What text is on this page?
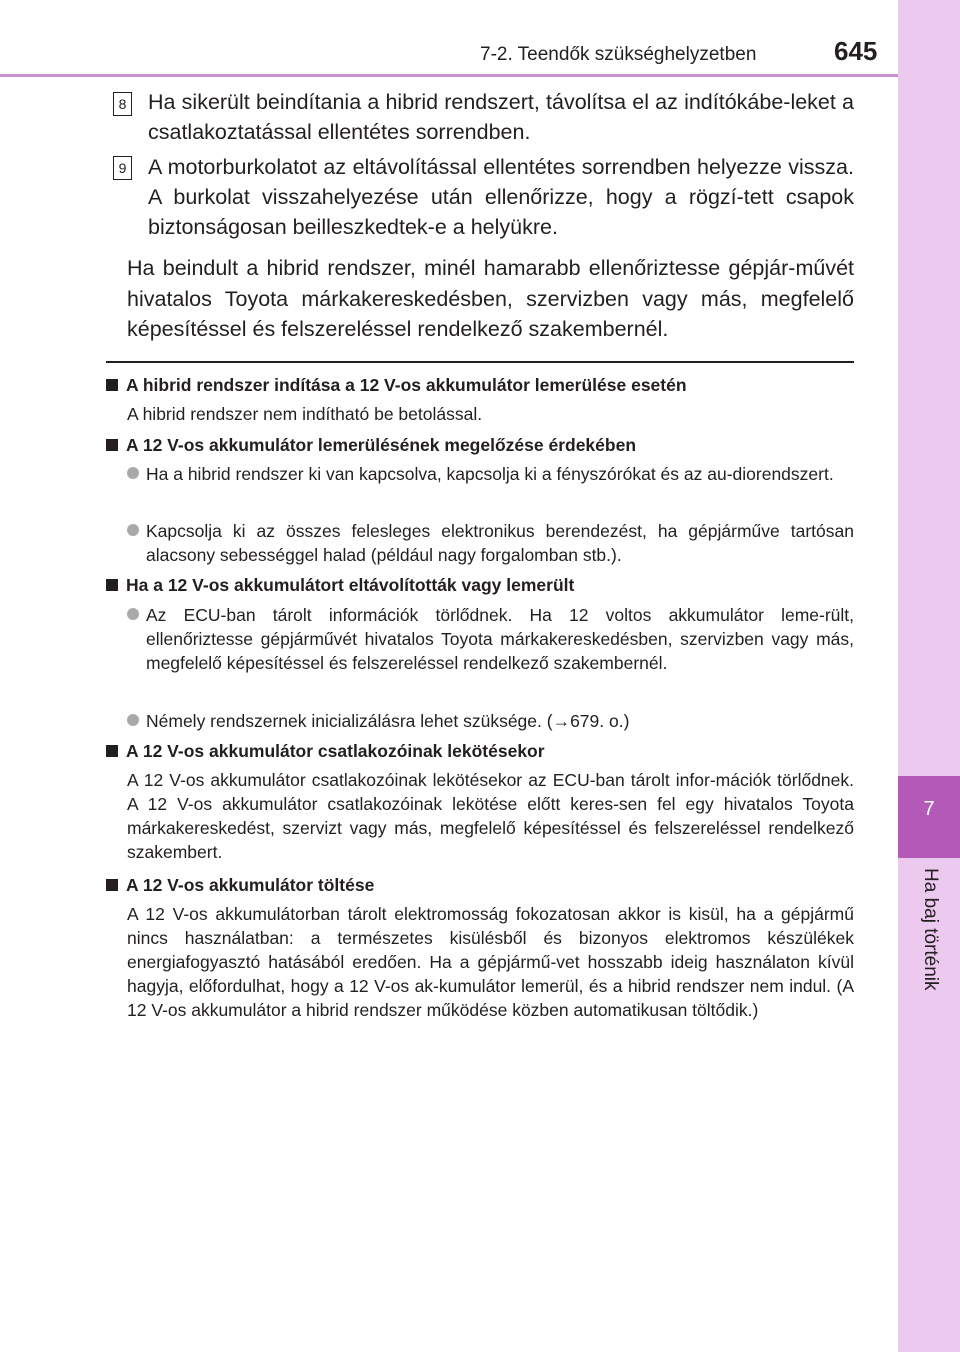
7-2. Teendők szükséghelyzetben	645
7
Ha baj történik
8 Ha sikerült beindítania a hibrid rendszert, távolítsa el az indítókábe-leket a csatlakoztatással ellentétes sorrendben.
9 A motorburkolatot az eltávolítással ellentétes sorrendben helyezze vissza. A burkolat visszahelyezése után ellenőrizze, hogy a rögzí-tett csapok biztonságosan beilleszkedtek-e a helyükre.
Ha beindult a hibrid rendszer, minél hamarabb ellenőriztesse gépjár-művét hivatalos Toyota márkakereskedésben, szervizben vagy más, megfelelő képesítéssel és felszereléssel rendelkező szakembernél.
A hibrid rendszer indítása a 12 V-os akkumulátor lemerülése esetén
A hibrid rendszer nem indítható be betolással.
A 12 V-os akkumulátor lemerülésének megelőzése érdekében
Ha a hibrid rendszer ki van kapcsolva, kapcsolja ki a fényszórókat és az au-diorendszert.
Kapcsolja ki az összes felesleges elektronikus berendezést, ha gépjárműve tartósan alacsony sebességgel halad (például nagy forgalomban stb.).
Ha a 12 V-os akkumulátort eltávolították vagy lemerült
Az ECU-ban tárolt információk törlődnek. Ha 12 voltos akkumulátor leme-rült, ellenőriztesse gépjárművét hivatalos Toyota márkakereskedésben, szervizben vagy más, megfelelő képesítéssel és felszereléssel rendelkező szakembernél.
Némely rendszernek inicializálásra lehet szüksége. (→679. o.)
A 12 V-os akkumulátor csatlakozóinak lekötésekor
A 12 V-os akkumulátor csatlakozóinak lekötésekor az ECU-ban tárolt infor-mációk törlődnek. A 12 V-os akkumulátor csatlakozóinak lekötése előtt keres-sen fel egy hivatalos Toyota márkakereskedést, szervizt vagy más, megfelelő képesítéssel és felszereléssel rendelkező szakembert.
A 12 V-os akkumulátor töltése
A 12 V-os akkumulátorban tárolt elektromosság fokozatosan akkor is kisül, ha a gépjármű nincs használatban: a természetes kisülésből és bizonyos elektromos készülékek energiafogyasztó hatásából eredően. Ha a gépjármű-vet hosszabb ideig használaton kívül hagyja, előfordulhat, hogy a 12 V-os ak-kumulátor lemerül, és a hibrid rendszer nem indul. (A 12 V-os akkumulátor a hibrid rendszer működése közben automatikusan töltődik.)
